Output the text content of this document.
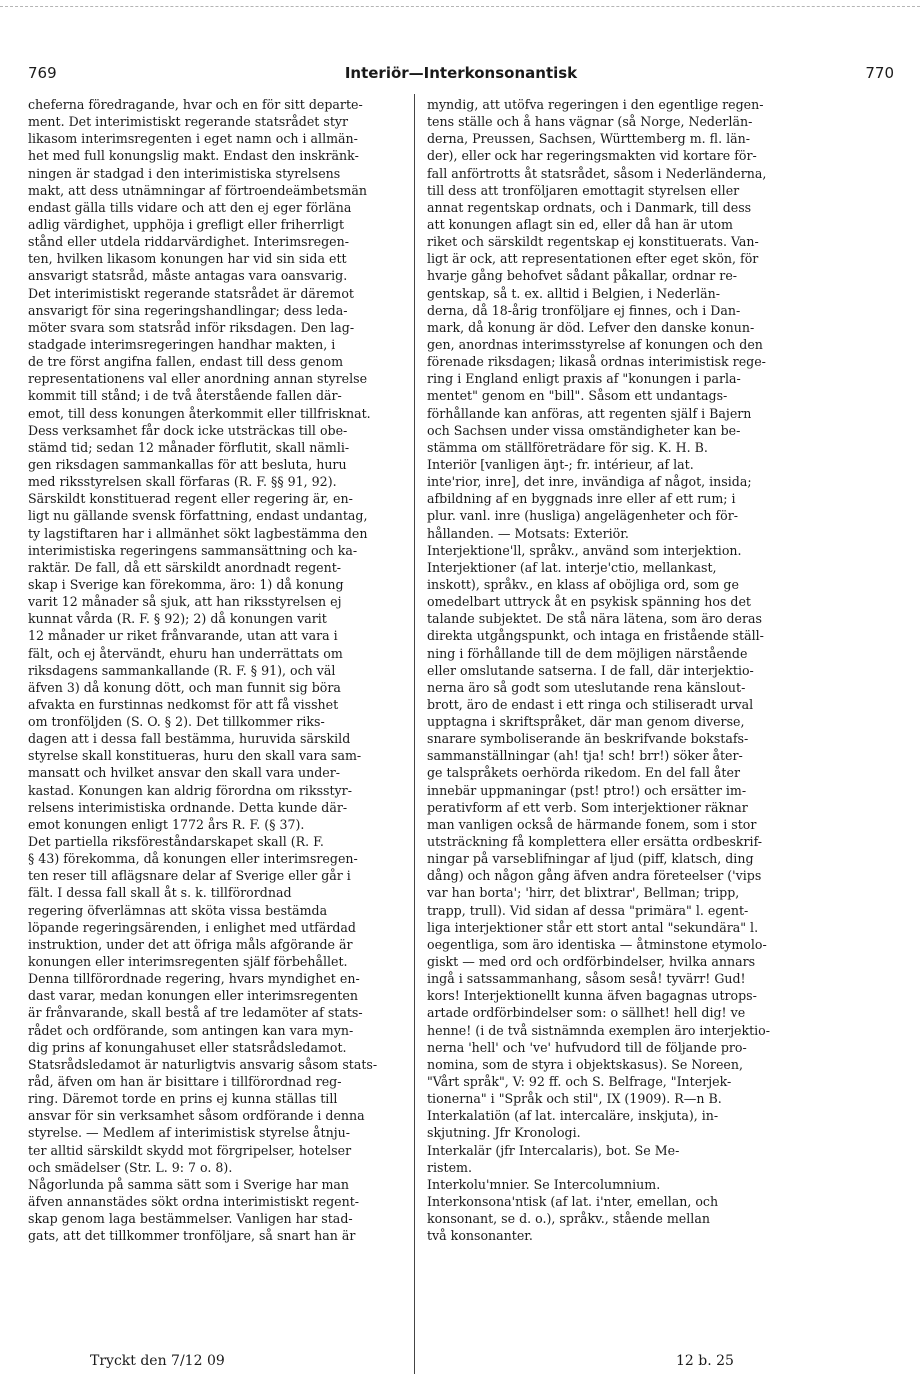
769	Interiör—Interkonsonantisk	770
cheferna föredragande, hvar och en för sitt departe-
ment. Det interimistiskt regerande statsrådet styr
likasom interimsregenten i eget namn och i allmän-
het med full konungslig makt. Endast den inskränk-
ningen är stadgad i den interimistiska styrelsens
makt, att dess utnämningar af förtroendeämbetsmän
endast gälla tills vidare och att den ej eger förläna
adlig värdighet, upphöja i grefligt eller friherrligt
stånd eller utdela riddarvärdighet. Interimsregen-
ten, hvilken likasom konungen har vid sin sida ett
ansvarigt statsråd, måste antagas vara oansvarig.
Det interimistiskt regerande statsrådet är däremot
ansvarigt för sina regeringshandlingar; dess leda-
möter svara som statsråd inför riksdagen. Den lag-
stadgade interimsregeringen handhar makten, i
de tre först angifna fallen, endast till dess genom
representationens val eller anordning annan styrelse
kommit till stånd; i de två återstående fallen där-
emot, till dess konungen återkommit eller tillfrisknat.
Dess verksamhet får dock icke utsträckas till obe-
stämd tid; sedan 12 månader förflutit, skall nämli-
gen riksdagen sammankallas för att besluta, huru
med riksstyrelsen skall förfaras (R. F. §§ 91, 92).
Särskildt konstituerad regent eller regering är, en-
ligt nu gällande svensk författning, endast undantag,
ty lagstiftaren har i allmänhet sökt lagbestämma den
interimistiska regeringens sammansättning och ka-
raktär. De fall, då ett särskildt anordnadt regent-
skap i Sverige kan förekomma, äro: 1) då konung
varit 12 månader så sjuk, att han riksstyrelsen ej
kunnat vårda (R. F. § 92); 2) då konungen varit
12 månader ur riket frånvarande, utan att vara i
fält, och ej återvändt, ehuru han underrättats om
riksdagens sammankallande (R. F. § 91), och väl
äfven 3) då konung dött, och man funnit sig böra
afvakta en furstinnas nedkomst för att få visshet
om tronföljden (S. O. § 2). Det tillkommer riks-
dagen att i dessa fall bestämma, huruvida särskild
styrelse skall konstitueras, huru den skall vara sam-
mansatt och hvilket ansvar den skall vara under-
kastad. Konungen kan aldrig förordna om riksstyr-
relsens interimistiska ordnande. Detta kunde där-
emot konungen enligt 1772 års R. F. (§ 37).
Det partiella riksföreståndarskapet skall (R. F.
§ 43) förekomma, då konungen eller interimsregen-
ten reser till aflägsnare delar af Sverige eller går i
fält. I dessa fall skall åt s. k. tillförordnad
regering öfverlämnas att sköta vissa bestämda
löpande regeringsärenden, i enlighet med utfärdad
instruktion, under det att öfriga måls afgörande är
konungen eller interimsregenten själf förbehållet.
Denna tillförordnade regering, hvars myndighet en-
dast varar, medan konungen eller interimsregenten
är frånvarande, skall bestå af tre ledamöter af stats-
rådet och ordförande, som antingen kan vara myn-
dig prins af konungahuset eller statsrådsledamot.
Statsrådsledamot är naturligtvis ansvarig såsom stats-
råd, äfven om han är bisittare i tillförordnad reg-
ring. Däremot torde en prins ej kunna ställas till
ansvar för sin verksamhet såsom ordförande i denna
styrelse. — Medlem af interimistisk styrelse åtnju-
ter alltid särskildt skydd mot förgripelser, hotelser
och smädelser (Str. L. 9: 7 o. 8).
Någorlunda på samma sätt som i Sverige har man
äfven annanstädes sökt ordna interimistiskt regent-
skap genom laga bestämmelser. Vanligen har stad-
gats, att det tillkommer tronföljare, så snart han är
myndig, att utöfva regeringen i den egentlige regen-
tens ställe och å hans vägnar (så Norge, Nederlän-
derna, Preussen, Sachsen, Württemberg m. fl. län-
der), eller ock har regeringsmakten vid kortare för-
fall anförtrotts åt statsrådet, såsom i Nederländerna,
till dess att tronföljaren emottagit styrelsen eller
annat regentskap ordnats, och i Danmark, till dess
att konungen aflagt sin ed, eller då han är utom
riket och särskildt regentskap ej konstituerats. Van-
ligt är ock, att representationen efter eget skön, för
hvarje gång behofvet sådant påkallar, ordnar re-
gentskap, så t. ex. alltid i Belgien, i Nederlän-
derna, då 18-årig tronföljare ej finnes, och i Dan-
mark, då konung är död. Lefver den danske konun-
gen, anordnas interimsstyrelse af konungen och den
förenade riksdagen; likaså ordnas interimistisk rege-
ring i England enligt praxis af "konungen i parla-
mentet" genom en "bill". Såsom ett undantags-
förhållande kan anföras, att regenten själf i Bajern
och Sachsen under vissa omständigheter kan be-
stämma om ställföreträdare för sig. K. H. B.
Interiör [vanligen äŋt-; fr. intérieur, af lat.
inte'rior, inre], det inre, invändiga af något, insida;
afbildning af en byggnads inre eller af ett rum; i
plur. vanl. inre (husliga) angelägenheter och för-
hållanden. — Motsats: Exteriör.
Interjektione'll, språkv., använd som interjektion.
Interjektioner (af lat. interje'ctio, mellankast,
inskott), språkv., en klass af oböjliga ord, som ge
omedelbart uttryck åt en psykisk spänning hos det
talande subjektet. De stå nära lätena, som äro deras
direkta utgångspunkt, och intaga en fristående ställ-
ning i förhållande till de dem möjligen närstående
eller omslutande satserna. I de fall, där interjektio-
nerna äro så godt som uteslutande rena känslout-
brott, äro de endast i ett ringa och stiliseradt urval
upptagna i skriftspråket, där man genom diverse,
snarare symboliserande än beskrifvande bokstafs-
sammanställningar (ah! tja! sch! brr!) söker åter-
ge talspråkets oerhörda rikedom. En del fall åter
innebär uppmaningar (pst! ptro!) och ersätter im-
perativform af ett verb. Som interjektioner räknar
man vanligen också de härmande fonem, som i stor
utsträckning få komplettera eller ersätta ordbeskrif-
ningar på varseblifningar af ljud (piff, klatsch, ding
dång) och någon gång äfven andra företeelser ('vips
var han borta'; 'hirr, det blixtrar', Bellman; tripp,
trapp, trull). Vid sidan af dessa "primära" l. egent-
liga interjektioner står ett stort antal "sekundära" l.
oegentliga, som äro identiska — åtminstone etymolo-
giskt — med ord och ordförbindelser, hvilka annars
ingå i satssammanhang, såsom seså! tyvärr! Gud!
kors! Interjektionellt kunna äfven bagagnas utrops-
artade ordförbindelser som: o sällhet! hell dig! ve
henne! (i de två sistnämnda exemplen äro interjektio-
nerna 'hell' och 've' hufvudord till de följande pro-
nomina, som de styra i objektskasus). Se Noreen,
"Vårt språk", V: 92 ff. och S. Belfrage, "Interjek-
tionerna" i "Språk och stil", IX (1909). R—n B.
Interkalatiön (af lat. intercaläre, inskjuta), in-
skjutning. Jfr Kronologi.
Interkalär (jfr Intercalaris), bot. Se Me-
ristem.
Interkolu'mnier. Se Intercolumnium.
Interkonsona'ntisk (af lat. i'nter, emellan, och
konsonant, se d. o.), språkv., stående mellan
två konsonanter.
Tryckt den 7/12 09	12 b. 25
